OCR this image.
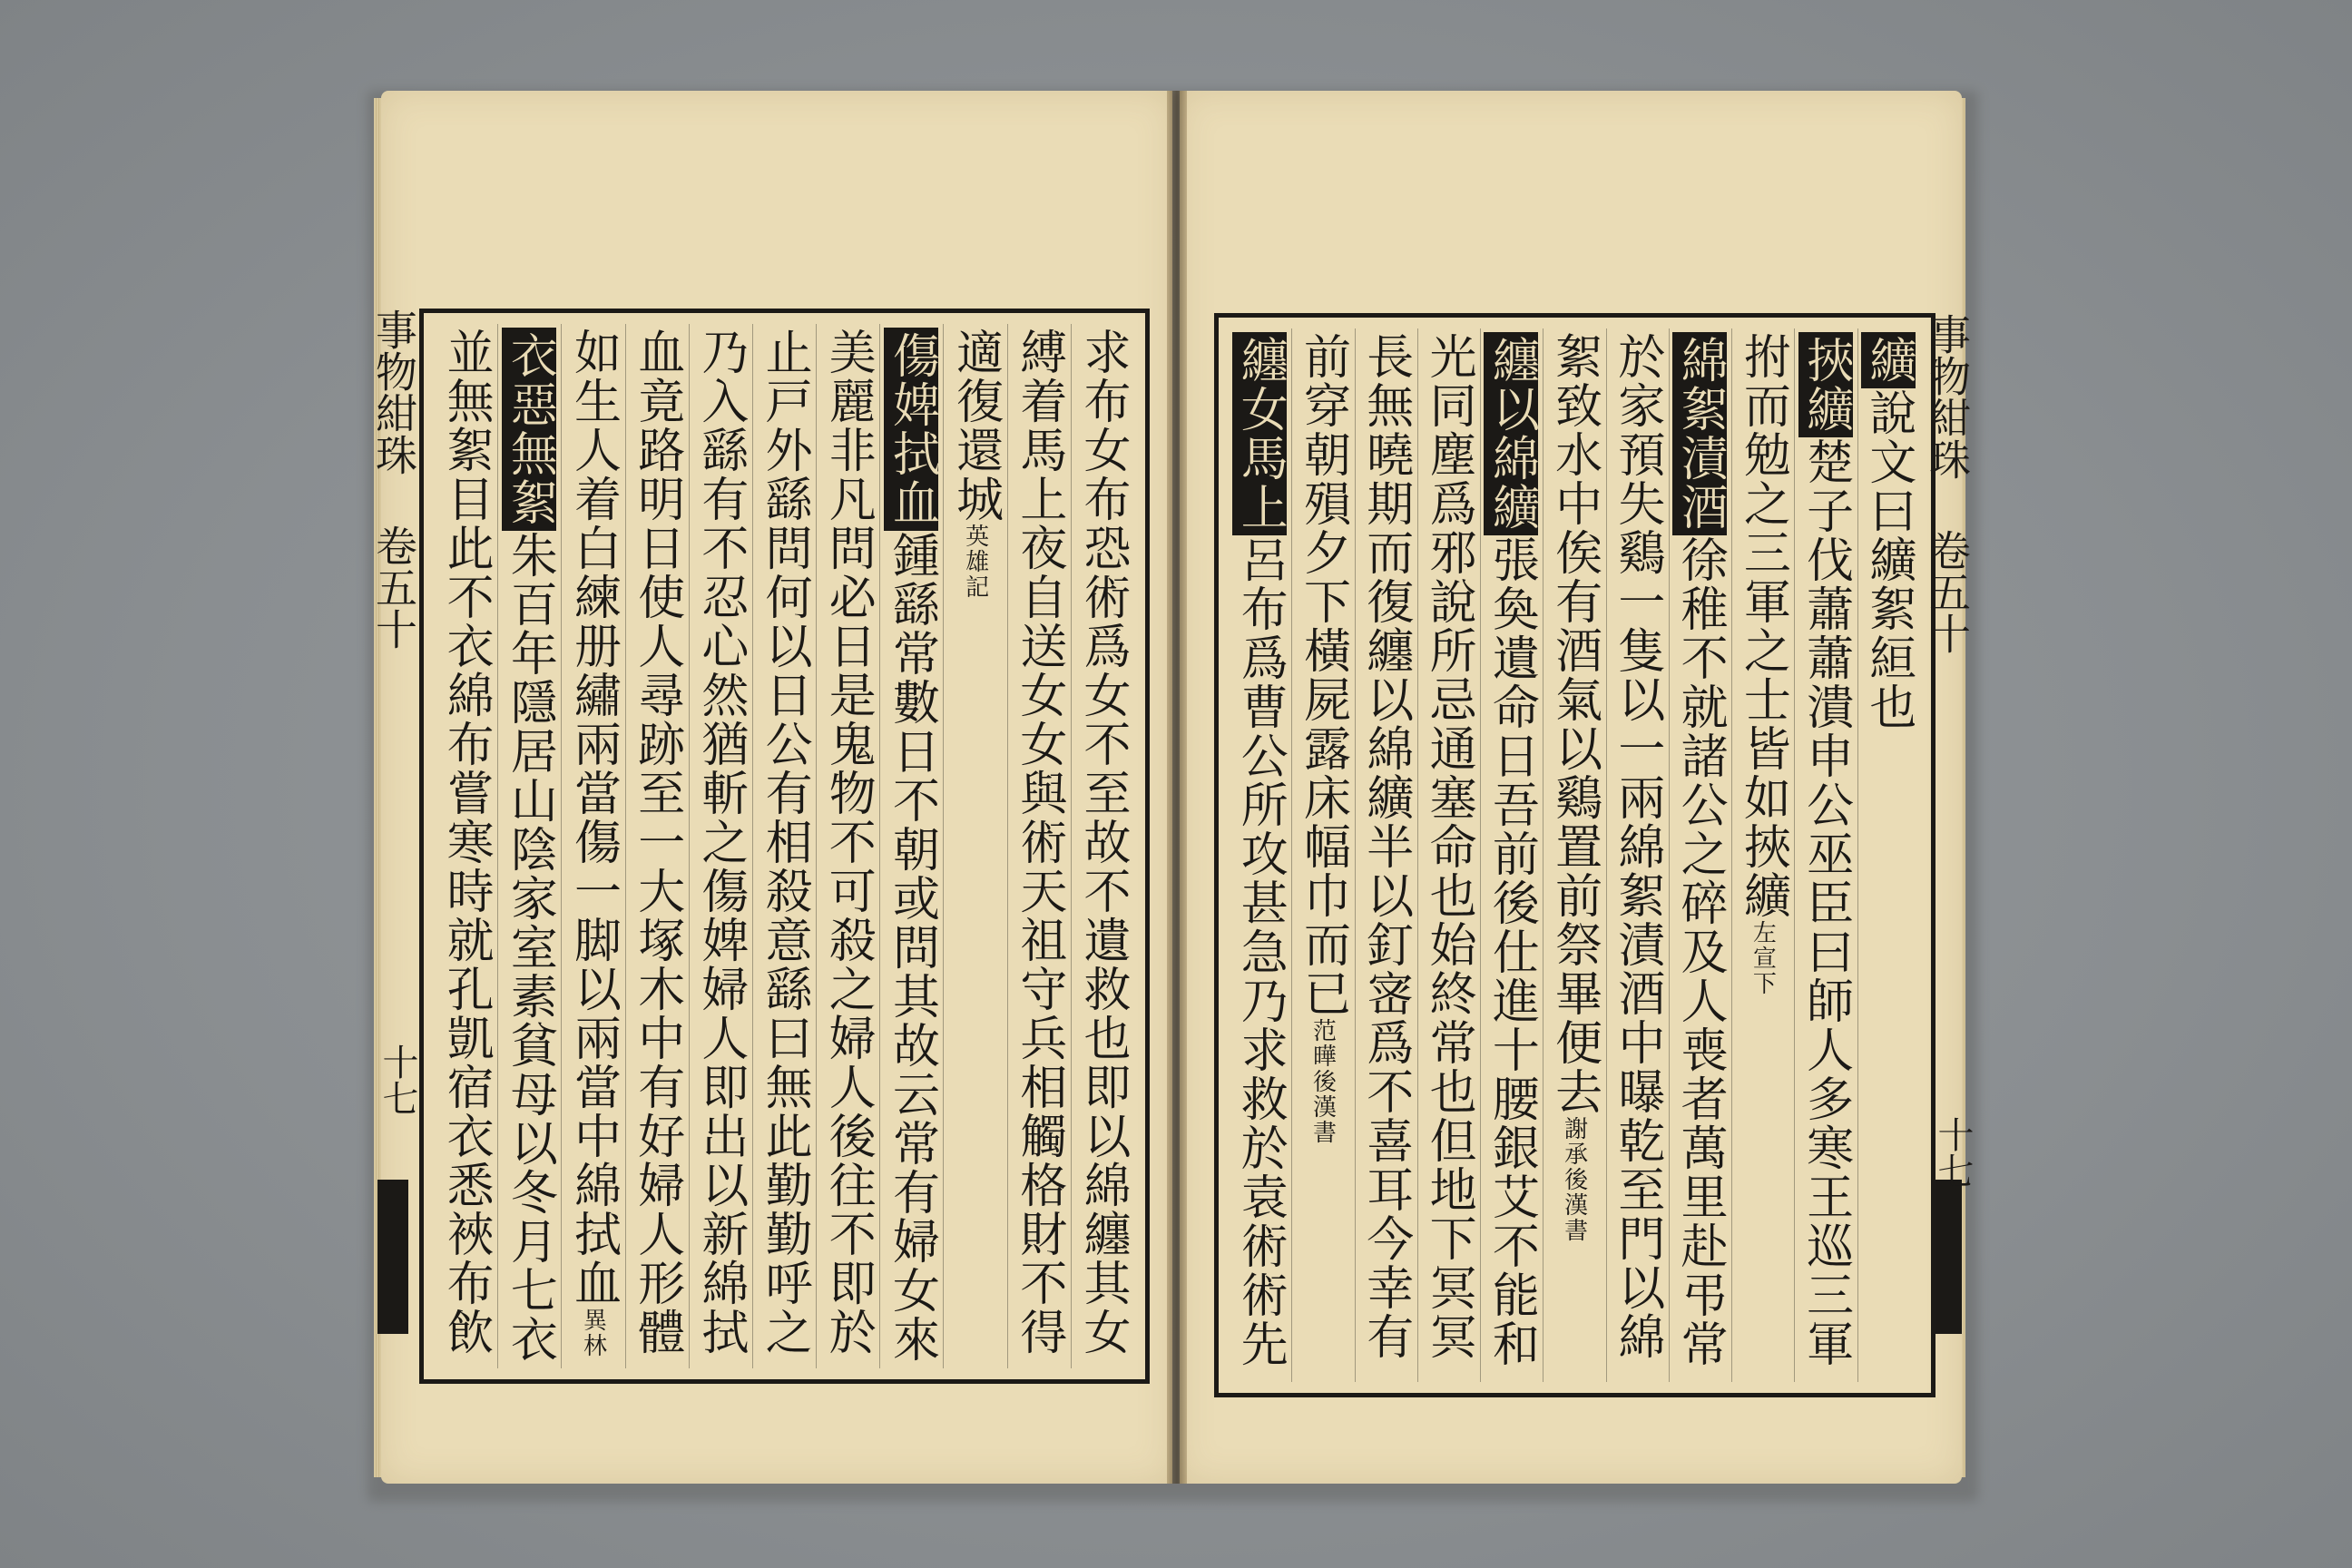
事物紺珠 卷五十
十七
事物紺珠 卷五十
十七
求布女布恐術爲女不至故不遺救也即以綿纏其女
縛着馬上夜自送女女與術天祖守兵相觸格財不得
適復還城英雄記
傷婢拭血鍾繇常數日不朝或問其故云常有婦女來
美麗非凡問必日是鬼物不可殺之婦人後往不即於
止戸外繇問何以日公有相殺意繇曰無此勤勤呼之
乃入繇有不忍心然猶斬之傷婢婦人即出以新綿拭
血竟路明日使人尋跡至一大塚木中有好婦人形體
如生人着白練册繡兩當傷一脚以兩當中綿拭血異林
衣惡無絮朱百年隱居山陰家室素貧母以冬月七衣
並無絮目此不衣綿布嘗寒時就孔凱宿衣悉裌布飲	纊說文曰纊絮絙也
挾纊楚子伐蕭蕭潰申公巫臣曰師人多寒王巡三軍
拊而勉之三軍之士皆如挾纊左宣下
綿絮漬酒徐稚不就諸公之碎及人喪者萬里赴弔常
於家預失鷄一隻以一兩綿絮漬酒中曝乾至門以綿
絮致水中俟有酒氣以鷄置前祭畢便去謝承後漢書
纏以綿纊張奐遺命日吾前後仕進十腰銀艾不能和
光同塵爲邪說所忌通塞命也始終常也但地下冥冥
長無曉期而復纏以綿纊半以釘宻爲不喜耳今幸有
前穿朝殞夕下橫屍露床幅巾而已范曄後漢書
纏女馬上呂布爲曹公所攻甚急乃求救於袁術術先
